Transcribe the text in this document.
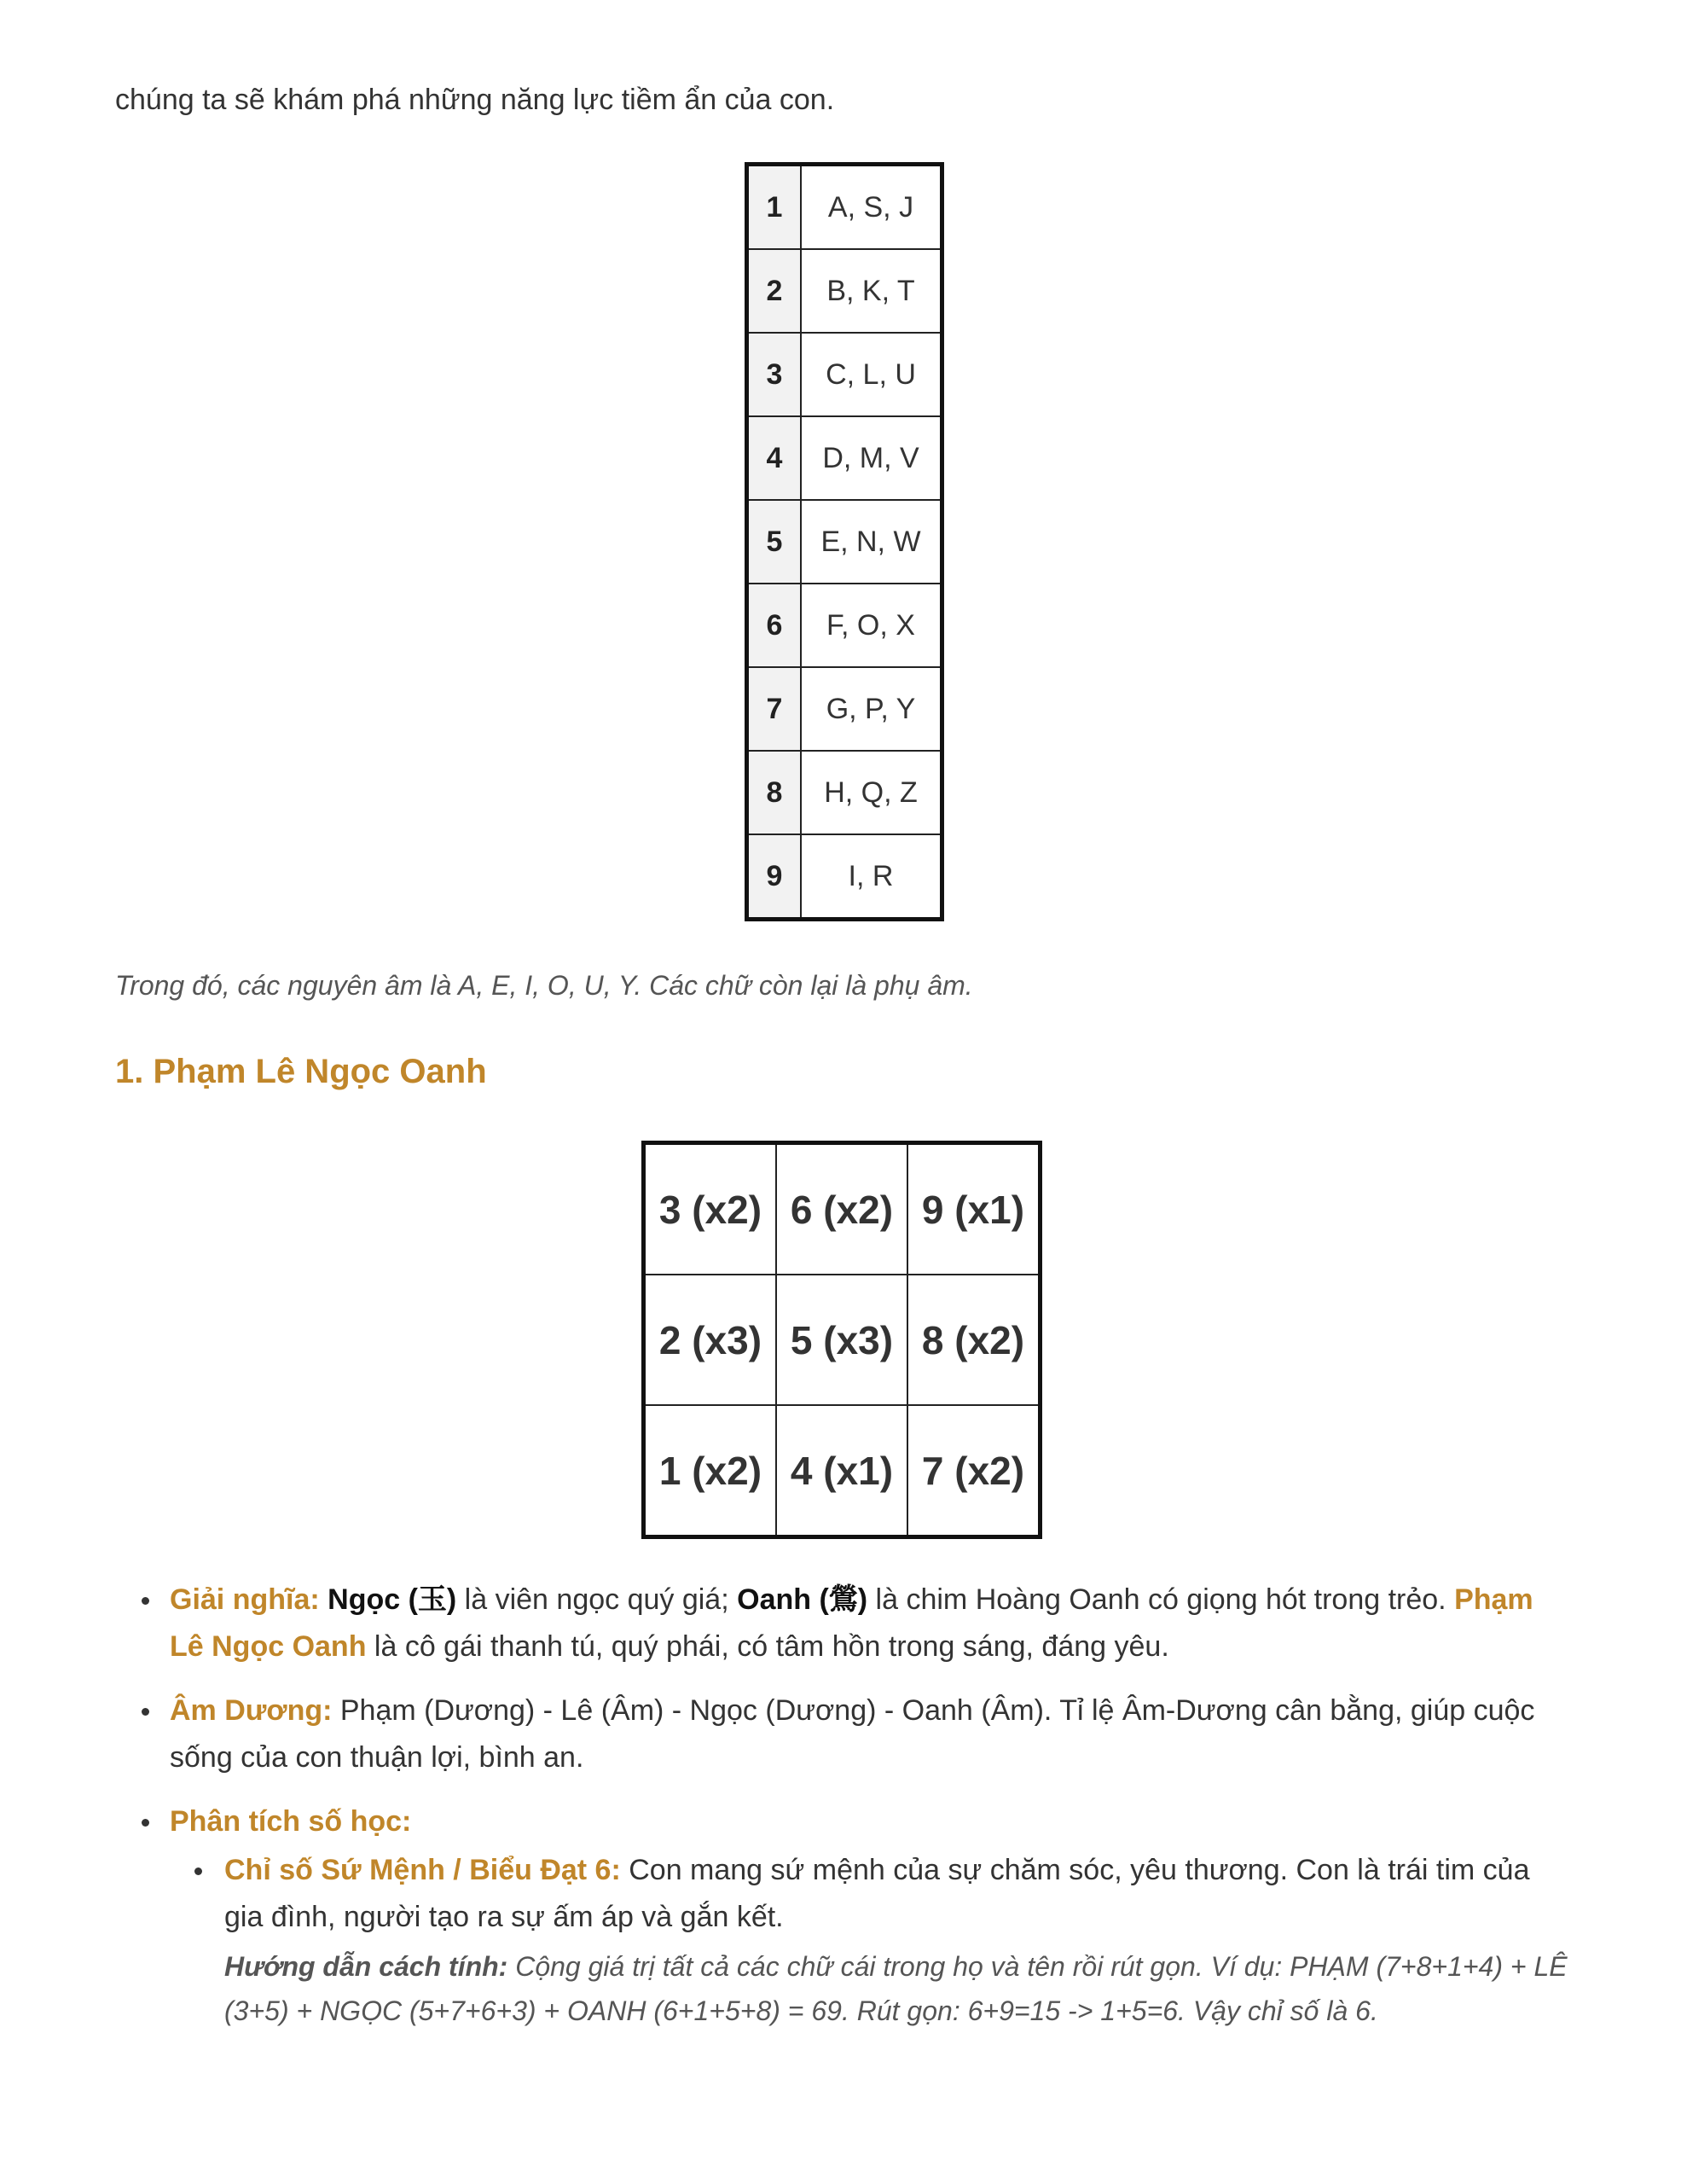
chúng ta sẽ khám phá những năng lực tiềm ẩn của con.

1	A, S, J
2	B, K, T
3	C, L, U
4	D, M, V
5	E, N, W
6	F, O, X
7	G, P, Y
8	H, Q, Z
9	I, R

Trong đó, các nguyên âm là A, E, I, O, U, Y. Các chữ còn lại là phụ âm.

1. Phạm Lê Ngọc Oanh
3 (x2)	6 (x2)	9 (x1)
2 (x3)	5 (x3)	8 (x2)
1 (x2)	4 (x1)	7 (x2)
Giải nghĩa: Ngọc (玉) là viên ngọc quý giá; Oanh (鶯) là chim Hoàng Oanh có giọng hót trong trẻo. Phạm Lê Ngọc Oanh là cô gái thanh tú, quý phái, có tâm hồn trong sáng, đáng yêu.
Âm Dương: Phạm (Dương) - Lê (Âm) - Ngọc (Dương) - Oanh (Âm). Tỉ lệ Âm-Dương cân bằng, giúp cuộc sống của con thuận lợi, bình an.
Phân tích số học:
Chỉ số Sứ Mệnh / Biểu Đạt 6: Con mang sứ mệnh của sự chăm sóc, yêu thương. Con là trái tim của gia đình, người tạo ra sự ấm áp và gắn kết.
Hướng dẫn cách tính: Cộng giá trị tất cả các chữ cái trong họ và tên rồi rút gọn. Ví dụ: PHẠM (7+8+1+4) + LÊ (3+5) + NGỌC (5+7+6+3) + OANH (6+1+5+8) = 69. Rút gọn: 6+9=15 -> 1+5=6. Vậy chỉ số là 6.
